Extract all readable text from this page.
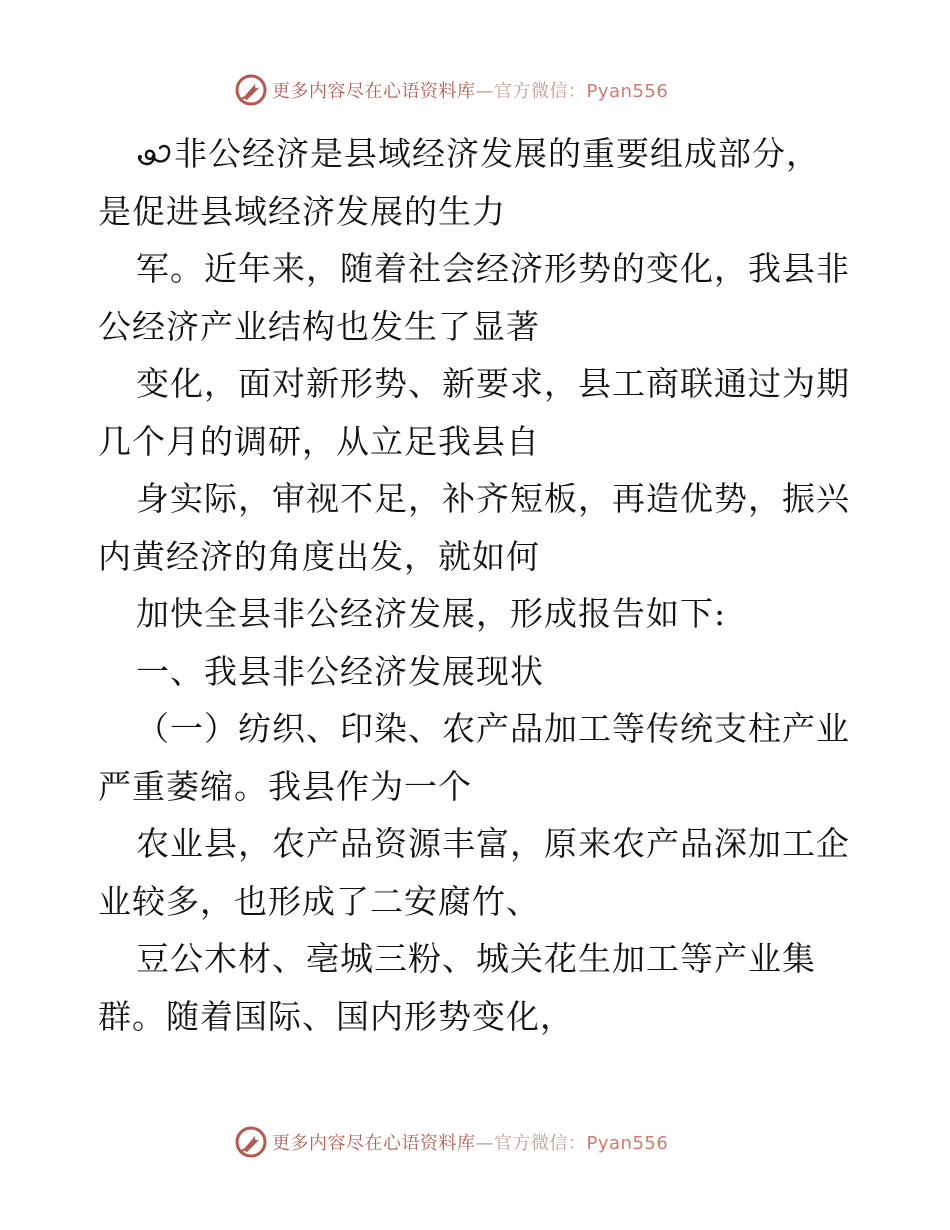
更多内容尽在心语资料库—官方微信：Pyan556
非公经济是县域经济发展的重要组成部分，
是促进县域经济发展的生力
军。近年来，随着社会经济形势的变化，我县非
公经济产业结构也发生了显著
变化，面对新形势、新要求，县工商联通过为期
几个月的调研，从立足我县自
身实际，审视不足，补齐短板，再造优势，振兴
内黄经济的角度出发，就如何
加快全县非公经济发展，形成报告如下:
一、我县非公经济发展现状
（一）纺织、印染、农产品加工等传统支柱产业
严重萎缩。我县作为一个
农业县，农产品资源丰富，原来农产品深加工企
业较多，也形成了二安腐竹、
豆公木材、亳城三粉、城关花生加工等产业集
群。随着国际、国内形势变化，
更多内容尽在心语资料库—官方微信：Pyan556
